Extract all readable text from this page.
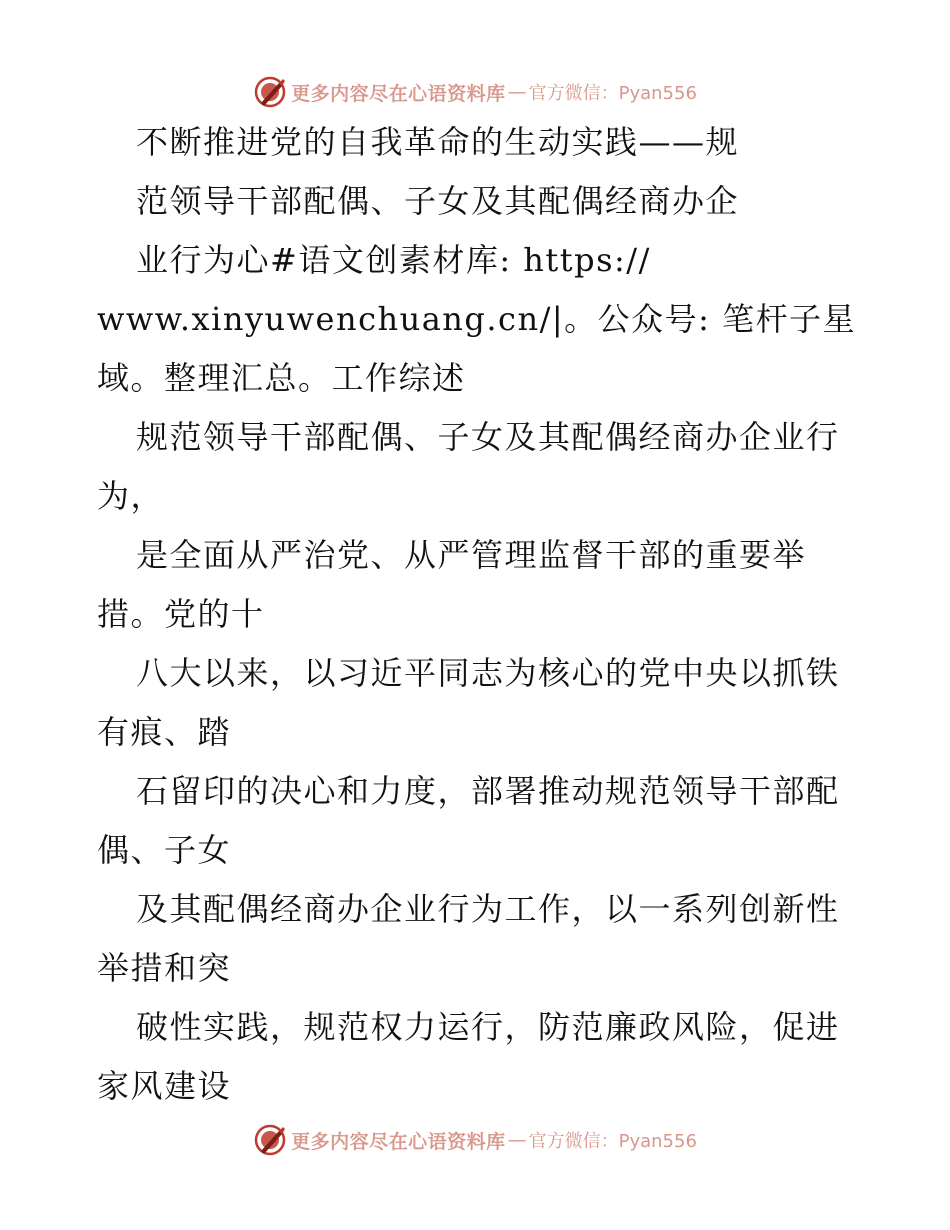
更多内容尽在心语资料库 — 官方微信：Pyan556
不断推进党的自我革命的生动实践——规
范领导干部配偶、子女及其配偶经商办企
业行为心#语文创素材库: https://
www.xinyuwenchuang.cn/|。公众号: 笔杆子星
域。整理汇总。工作综述
规范领导干部配偶、子女及其配偶经商办企业行
为，
是全面从严治党、从严管理监督干部的重要举
措。党的十
八大以来，以习近平同志为核心的党中央以抓铁
有痕、踏
石留印的决心和力度，部署推动规范领导干部配
偶、子女
及其配偶经商办企业行为工作，以一系列创新性
举措和突
破性实践，规范权力运行，防范廉政风险，促进
家风建设
更多内容尽在心语资料库 — 官方微信：Pyan556
